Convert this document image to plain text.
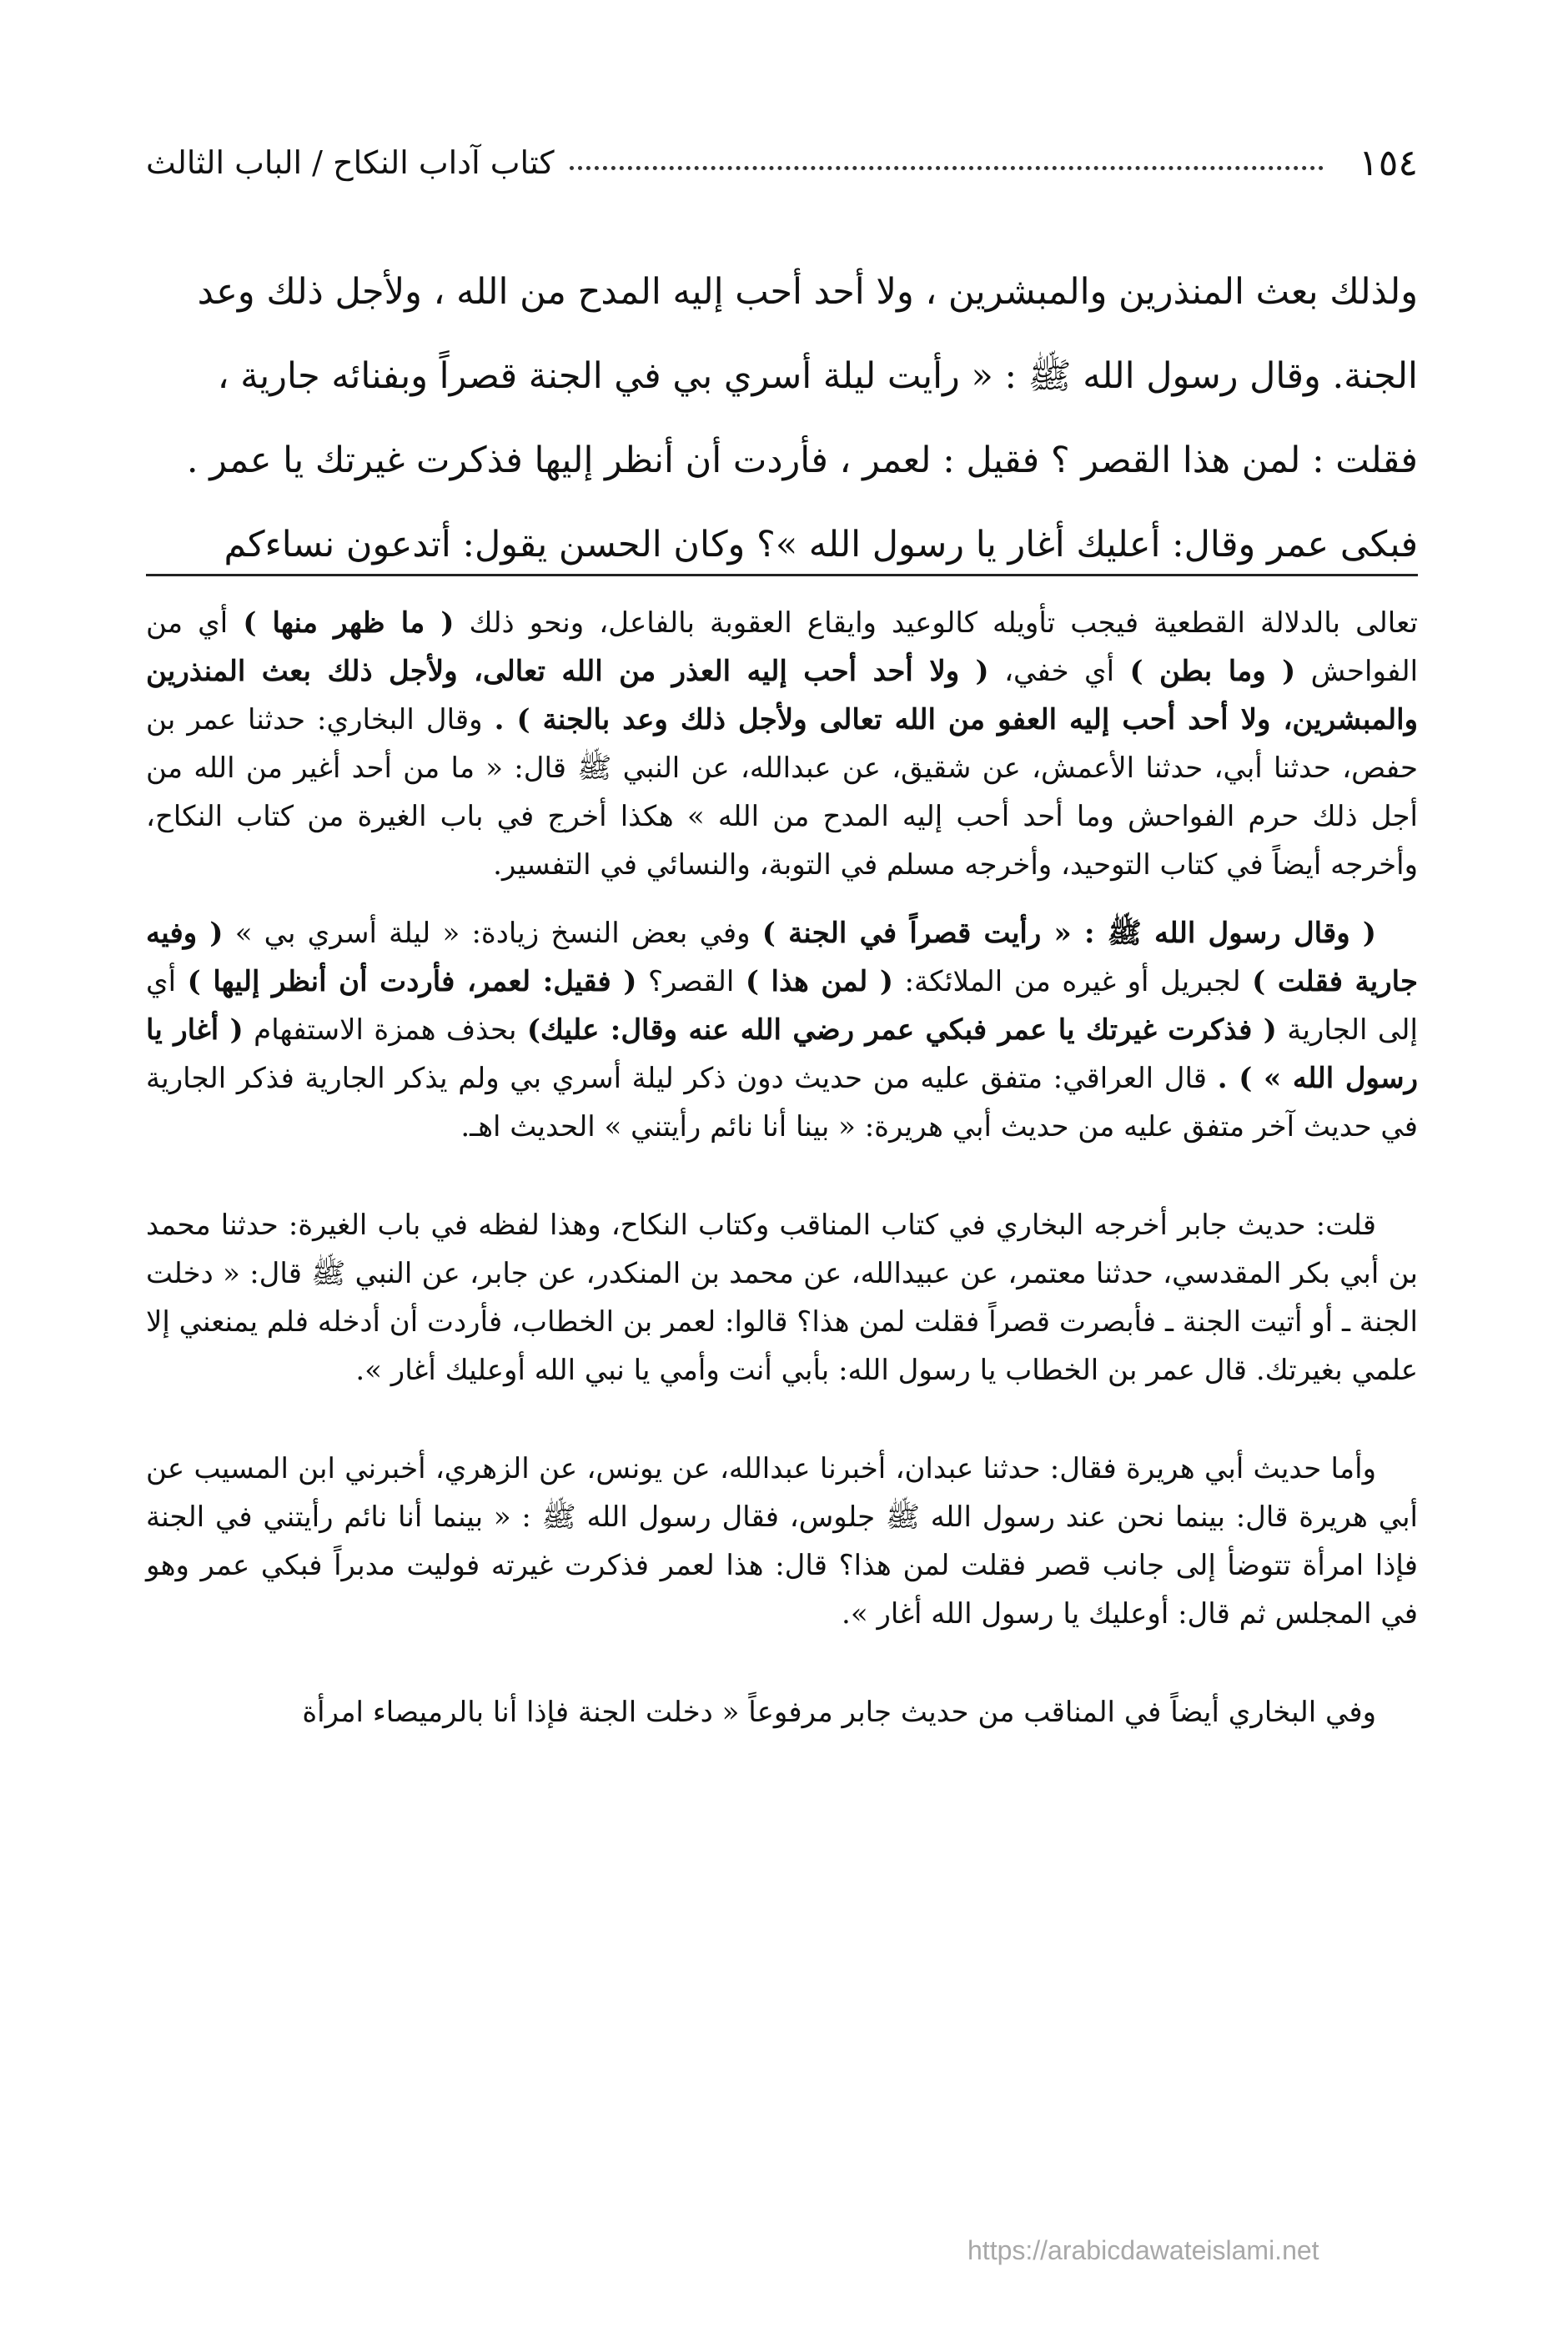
١٥٤
كتاب آداب النكاح / الباب الثالث

ولذلك بعث المنذرين والمبشرين ، ولا أحد أحب إليه المدح من الله ، ولأجل ذلك وعد

الجنة. وقال رسول الله ﷺ : « رأيت ليلة أسري بي في الجنة قصراً وبفنائه جارية ،

فقلت : لمن هذا القصر ؟ فقيل : لعمر ، فأردت أن أنظر إليها فذكرت غيرتك يا عمر .

فبكى عمر وقال: أعليك أغار يا رسول الله »؟ وكان الحسن يقول: أتدعون نساءكم

تعالى بالدلالة القطعية فيجب تأويله كالوعيد وايقاع العقوبة بالفاعل، ونحو ذلك ( ما ظهر منها ) أي من الفواحش ( وما بطن ) أي خفي، ( ولا أحد أحب إليه العذر من الله تعالى، ولأجل ذلك بعث المنذرين والمبشرين، ولا أحد أحب إليه العفو من الله تعالى ولأجل ذلك وعد بالجنة ) . وقال البخاري: حدثنا عمر بن حفص، حدثنا أبي، حدثنا الأعمش، عن شقيق، عن عبدالله، عن النبي ﷺ قال: « ما من أحد أغير من الله من أجل ذلك حرم الفواحش وما أحد أحب إليه المدح من الله » هكذا أخرج في باب الغيرة من كتاب النكاح، وأخرجه أيضاً في كتاب التوحيد، وأخرجه مسلم في التوبة، والنسائي في التفسير.

( وقال رسول الله ﷺ : « رأيت قصراً في الجنة ) وفي بعض النسخ زيادة: « ليلة أسري بي » ( وفيه جارية فقلت ) لجبريل أو غيره من الملائكة: ( لمن هذا ) القصر؟ ( فقيل: لعمر، فأردت أن أنظر إليها ) أي إلى الجارية ( فذكرت غيرتك يا عمر فبكي عمر رضي الله عنه وقال: عليك) بحذف همزة الاستفهام ( أغار يا رسول الله » ) . قال العراقي: متفق عليه من حديث دون ذكر ليلة أسري بي ولم يذكر الجارية فذكر الجارية في حديث آخر متفق عليه من حديث أبي هريرة: « بينا أنا نائم رأيتني » الحديث اهـ.

قلت: حديث جابر أخرجه البخاري في كتاب المناقب وكتاب النكاح، وهذا لفظه في باب الغيرة: حدثنا محمد بن أبي بكر المقدسي، حدثنا معتمر، عن عبيدالله، عن محمد بن المنكدر، عن جابر، عن النبي ﷺ قال: « دخلت الجنة ـ أو أتيت الجنة ـ فأبصرت قصراً فقلت لمن هذا؟ قالوا: لعمر بن الخطاب، فأردت أن أدخله فلم يمنعني إلا علمي بغيرتك. قال عمر بن الخطاب يا رسول الله: بأبي أنت وأمي يا نبي الله أوعليك أغار ».

وأما حديث أبي هريرة فقال: حدثنا عبدان، أخبرنا عبدالله، عن يونس، عن الزهري، أخبرني ابن المسيب عن أبي هريرة قال: بينما نحن عند رسول الله ﷺ جلوس، فقال رسول الله ﷺ : « بينما أنا نائم رأيتني في الجنة فإذا امرأة تتوضأ إلى جانب قصر فقلت لمن هذا؟ قال: هذا لعمر فذكرت غيرته فوليت مدبراً فبكي عمر وهو في المجلس ثم قال: أوعليك يا رسول الله أغار ».

وفي البخاري أيضاً في المناقب من حديث جابر مرفوعاً « دخلت الجنة فإذا أنا بالرميصاء امرأة

https://arabicdawateislami.net
